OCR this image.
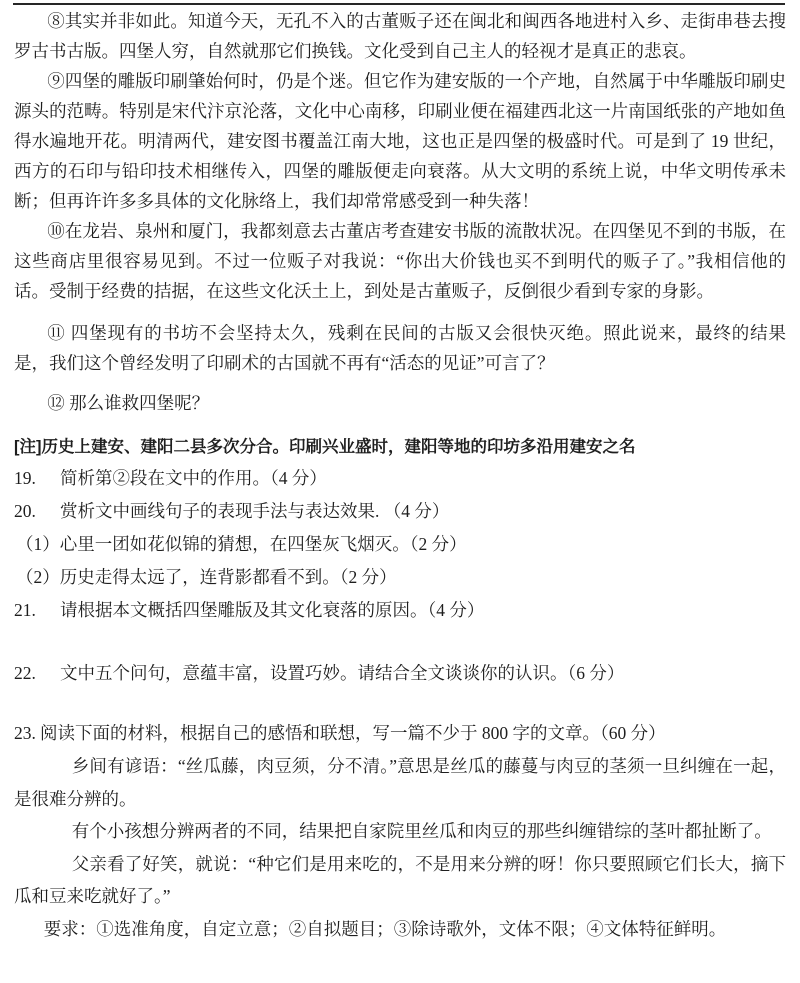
⑧其实并非如此。知道今天，无孔不入的古董贩子还在闽北和闽西各地进村入乡、走街串巷去搜罗古书古版。四堡人穷，自然就那它们换钱。文化受到自己主人的轻视才是真正的悲哀。

⑨四堡的雕版印刷肇始何时，仍是个迷。但它作为建安版的一个产地，自然属于中华雕版印刷史源头的范畴。特别是宋代汴京沦落，文化中心南移，印刷业便在福建西北这一片南国纸张的产地如鱼得水遍地开花。明清两代，建安图书覆盖江南大地，这也正是四堡的极盛时代。可是到了 19 世纪，西方的石印与铅印技术相继传入，四堡的雕版便走向衰落。从大文明的系统上说，中华文明传承未断；但再许许多多具体的文化脉络上，我们却常常感受到一种失落！

⑩在龙岩、泉州和厦门，我都刻意去古董店考查建安书版的流散状况。在四堡见不到的书版，在这些商店里很容易见到。不过一位贩子对我说：“你出大价钱也买不到明代的贩子了。”我相信他的话。受制于经费的拮据，在这些文化沃土上，到处是古董贩子，反倒很少看到专家的身影。

⑪ 四堡现有的书坊不会坚持太久，残剩在民间的古版又会很快灭绝。照此说来，最终的结果是，我们这个曾经发明了印刷术的古国就不再有“活态的见证”可言了？

⑫ 那么谁救四堡呢？

[注]历史上建安、建阳二县多次分合。印刷兴业盛时，建阳等地的印坊多沿用建安之名

19.	简析第②段在文中的作用。（4 分）
20.	赏析文中画线句子的表现手法与表达效果. （4 分）

（1）心里一团如花似锦的猜想，在四堡灰飞烟灭。（2 分）

（2）历史走得太远了，连背影都看不到。（2 分）

21.	请根据本文概括四堡雕版及其文化衰落的原因。（4 分）
22.	文中五个问句，意蕴丰富，设置巧妙。请结合全文谈谈你的认识。（6 分）
23. 阅读下面的材料，根据自己的感悟和联想，写一篇不少于 800 字的文章。（60 分）

乡间有谚语：“丝瓜藤，肉豆须，分不清。”意思是丝瓜的藤蔓与肉豆的茎须一旦纠缠在一起，是很难分辨的。

有个小孩想分辨两者的不同，结果把自家院里丝瓜和肉豆的那些纠缠错综的茎叶都扯断了。

父亲看了好笑，就说：“种它们是用来吃的，不是用来分辨的呀！你只要照顾它们长大，摘下瓜和豆来吃就好了。”

要求：①选准角度，自定立意；②自拟题目；③除诗歌外，文体不限；④文体特征鲜明。
